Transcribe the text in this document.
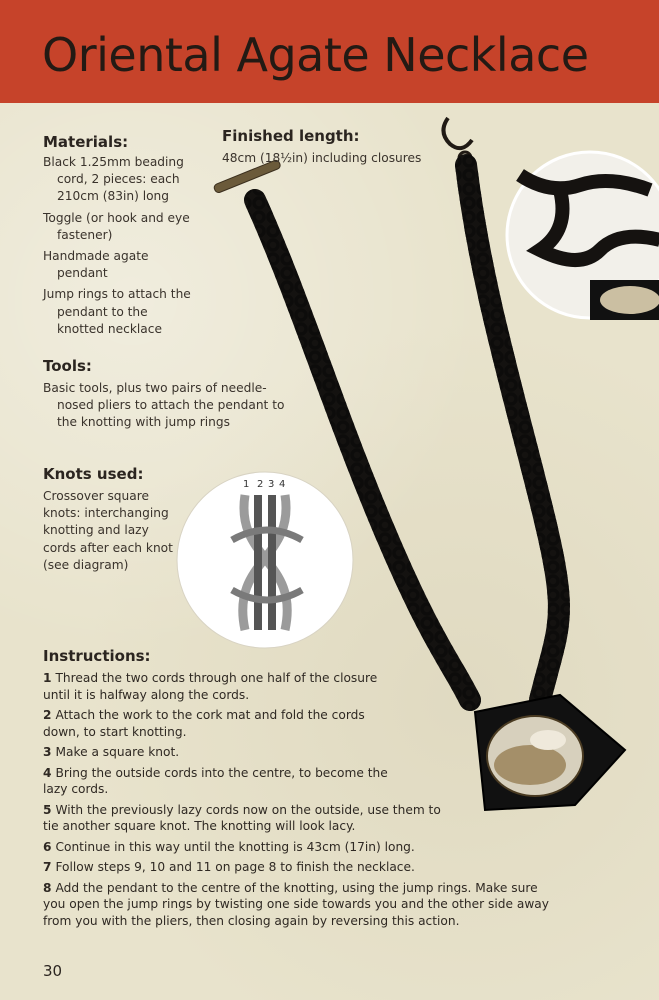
Oriental Agate Necklace
1 2 3 4
Materials:

Black 1.25mm beading cord, 2 pieces: each 210cm (83in) long

Toggle (or hook and eye fastener)

Handmade agate pendant

Jump rings to attach the pendant to the knotted necklace

Finished length:
48cm (18½in) including closures
Tools:
Basic tools, plus two pairs of needle-nosed pliers to attach the pendant to the knotting with jump rings
Knots used:
Crossover square knots: interchanging knotting and lazy cords after each knot (see diagram)
Instructions:

1 Thread the two cords through one half of the closure until it is halfway along the cords.

2 Attach the work to the cork mat and fold the cords down, to start knotting.

3 Make a square knot.

4 Bring the outside cords into the centre, to become the lazy cords.

5 With the previously lazy cords now on the outside, use them to tie another square knot. The knotting will look lacy.

6 Continue in this way until the knotting is 43cm (17in) long.

7 Follow steps 9, 10 and 11 on page 8 to finish the necklace.

8 Add the pendant to the centre of the knotting, using the jump rings. Make sure you open the jump rings by twisting one side towards you and the other side away from you with the pliers, then closing again by reversing this action.

30
